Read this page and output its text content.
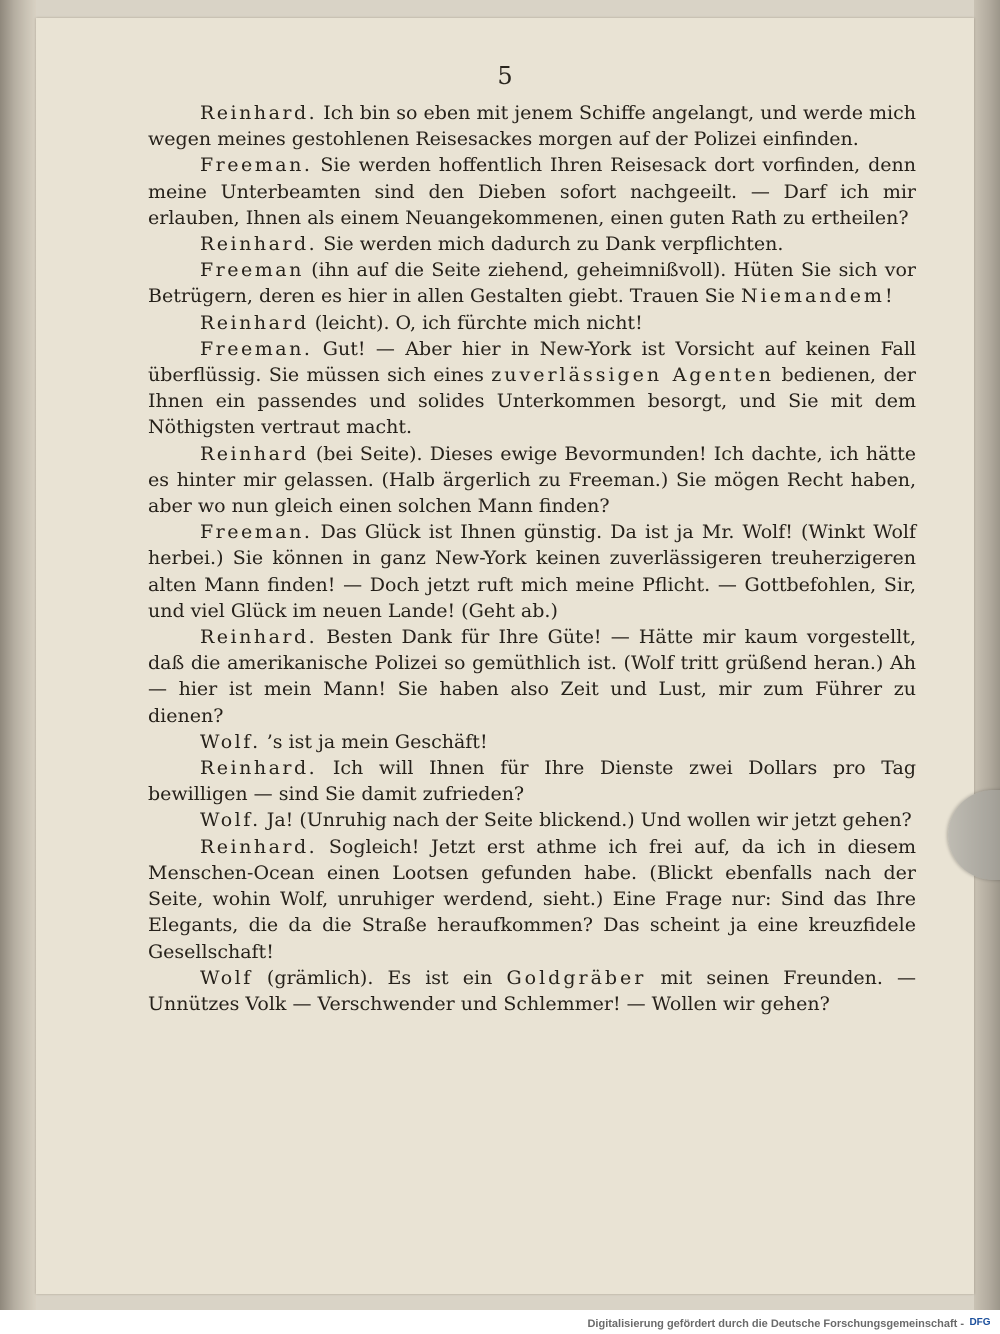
5

Reinhard. Ich bin so eben mit jenem Schiffe angelangt, und werde mich wegen meines gestohlenen Reisesackes morgen auf der Polizei einfinden.

Freeman. Sie werden hoffentlich Ihren Reisesack dort vorfinden, denn meine Unterbeamten sind den Dieben sofort nachgeeilt. — Darf ich mir erlauben, Ihnen als einem Neuangekommenen, einen guten Rath zu ertheilen?

Reinhard. Sie werden mich dadurch zu Dank verpflichten.

Freeman (ihn auf die Seite ziehend, geheimnißvoll). Hüten Sie sich vor Betrügern, deren es hier in allen Gestalten giebt. Trauen Sie Niemandem!

Reinhard (leicht). O, ich fürchte mich nicht!

Freeman. Gut! — Aber hier in New-York ist Vorsicht auf keinen Fall überflüssig. Sie müssen sich eines zuverlässigen Agenten bedienen, der Ihnen ein passendes und solides Unterkommen besorgt, und Sie mit dem Nöthigsten vertraut macht.

Reinhard (bei Seite). Dieses ewige Bevormunden! Ich dachte, ich hätte es hinter mir gelassen. (Halb ärgerlich zu Freeman.) Sie mögen Recht haben, aber wo nun gleich einen solchen Mann finden?

Freeman. Das Glück ist Ihnen günstig. Da ist ja Mr. Wolf! (Winkt Wolf herbei.) Sie können in ganz New-York keinen zuverlässigeren treuherzigeren alten Mann finden! — Doch jetzt ruft mich meine Pflicht. — Gottbefohlen, Sir, und viel Glück im neuen Lande! (Geht ab.)

Reinhard. Besten Dank für Ihre Güte! — Hätte mir kaum vorgestellt, daß die amerikanische Polizei so gemüthlich ist. (Wolf tritt grüßend heran.) Ah — hier ist mein Mann! Sie haben also Zeit und Lust, mir zum Führer zu dienen?

Wolf. ’s ist ja mein Geschäft!

Reinhard. Ich will Ihnen für Ihre Dienste zwei Dollars pro Tag bewilligen — sind Sie damit zufrieden?

Wolf. Ja! (Unruhig nach der Seite blickend.) Und wollen wir jetzt gehen?

Reinhard. Sogleich! Jetzt erst athme ich frei auf, da ich in diesem Menschen-Ocean einen Lootsen gefunden habe. (Blickt ebenfalls nach der Seite, wohin Wolf, unruhiger werdend, sieht.) Eine Frage nur: Sind das Ihre Elegants, die da die Straße heraufkommen? Das scheint ja eine kreuzfidele Gesellschaft!

Wolf (grämlich). Es ist ein Goldgräber mit seinen Freunden. — Unnützes Volk — Verschwender und Schlemmer! — Wollen wir gehen?

Digitalisierung gefördert durch die Deutsche Forschungsgemeinschaft - DFG
